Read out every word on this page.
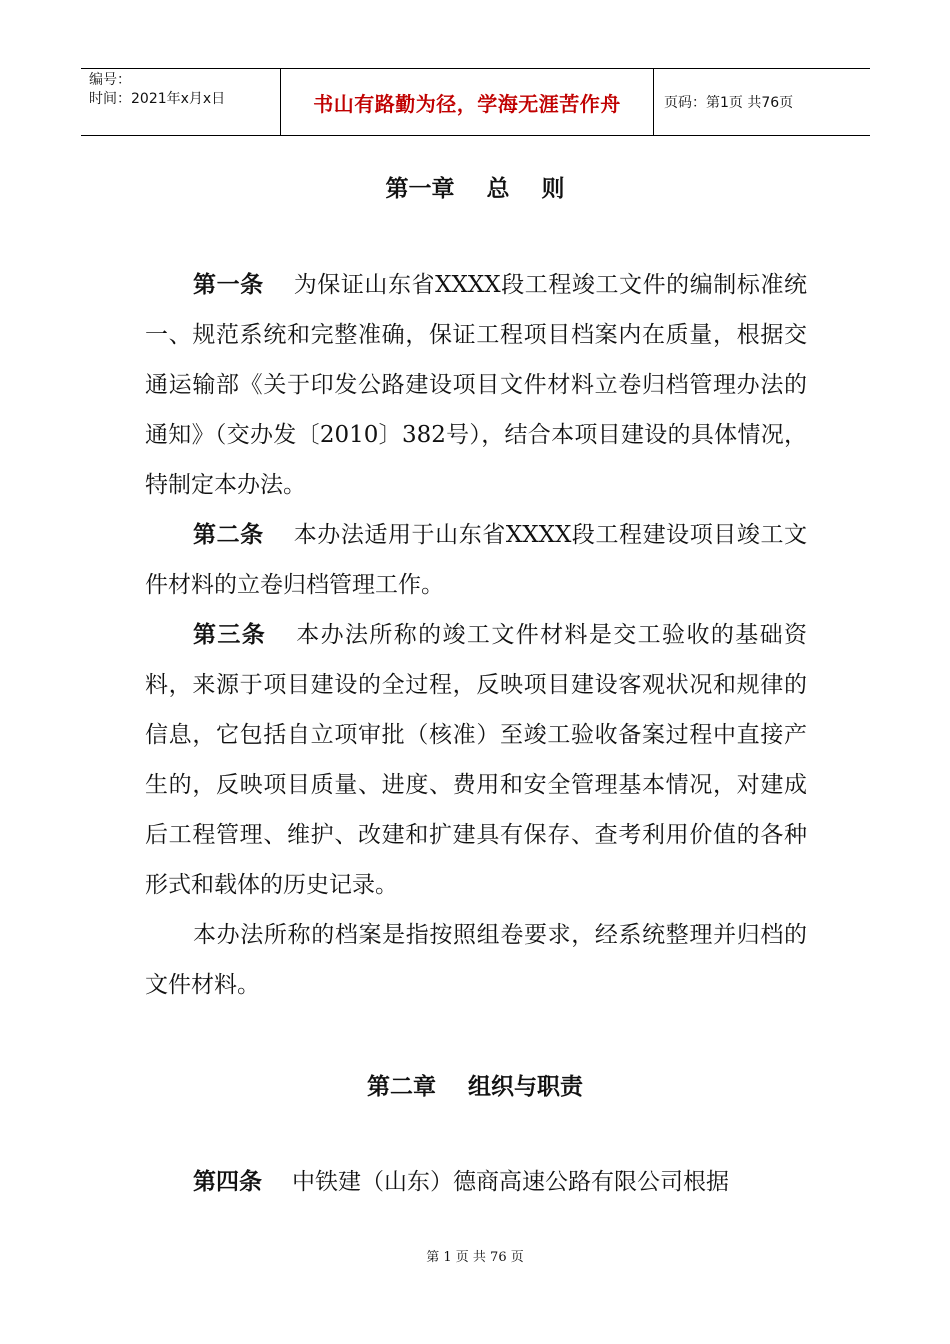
编号：
时间：2021年x月x日	书山有路勤为径，学海无涯苦作舟	页码：第1页 共76页
第一章    总    则

第一条 为保证山东省XXXX段工程竣工文件的编制标准统一、规范系统和完整准确，保证工程项目档案内在质量，根据交通运输部《关于印发公路建设项目文件材料立卷归档管理办法的通知》（交办发〔2010〕382号），结合本项目建设的具体情况，特制定本办法。

第二条 本办法适用于山东省XXXX段工程建设项目竣工文件材料的立卷归档管理工作。

第三条 本办法所称的竣工文件材料是交工验收的基础资料，来源于项目建设的全过程，反映项目建设客观状况和规律的信息，它包括自立项审批（核准）至竣工验收备案过程中直接产生的，反映项目质量、进度、费用和安全管理基本情况，对建成后工程管理、维护、改建和扩建具有保存、查考利用价值的各种形式和载体的历史记录。

本办法所称的档案是指按照组卷要求，经系统整理并归档的文件材料。

第二章    组织与职责

第四条 中铁建（山东）德商高速公路有限公司根据

第 1 页 共 76 页
